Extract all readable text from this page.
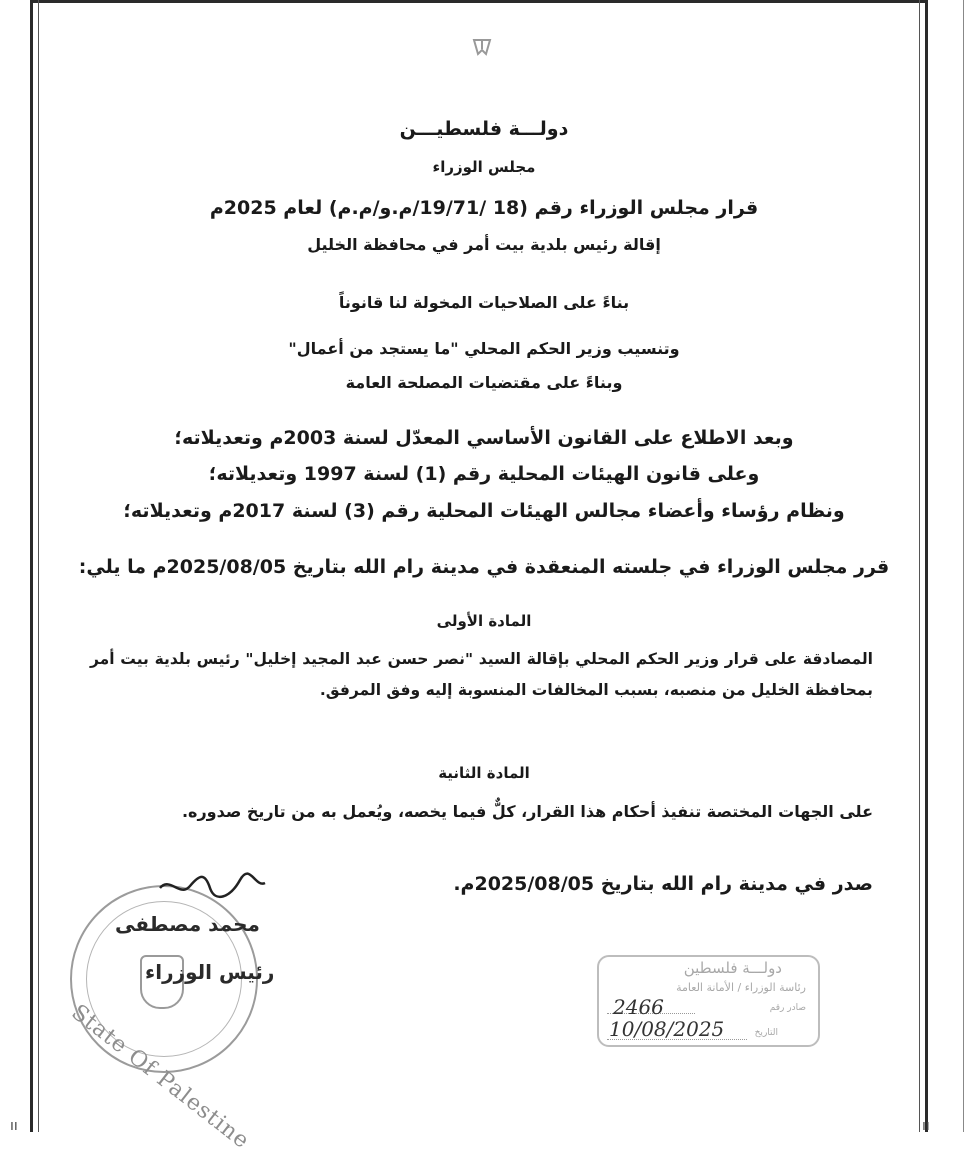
ıı	ıı
دولـــة فلسطيـــن
مجلس الوزراء
قرار مجلس الوزراء رقم (18 /19/71/م.و/م.م) لعام 2025م
إقالة رئيس بلدية بيت أمر في محافظة الخليل
بناءً على الصلاحيات المخولة لنا قانوناً
وتنسيب وزير الحكم المحلي "ما يستجد من أعمال"
وبناءً على مقتضيات المصلحة العامة
وبعد الاطلاع على القانون الأساسي المعدّل لسنة 2003م وتعديلاته؛
وعلى قانون الهيئات المحلية رقم (1) لسنة 1997 وتعديلاته؛
ونظام رؤساء وأعضاء مجالس الهيئات المحلية رقم (3) لسنة 2017م وتعديلاته؛
قرر مجلس الوزراء في جلسته المنعقدة في مدينة رام الله بتاريخ 2025/08/05م ما يلي:
المادة الأولى
المصادقة على قرار وزير الحكم المحلي بإقالة السيد "نصر حسن عبد المجيد إخليل" رئيس بلدية بيت أمر بمحافظة الخليل من منصبه، بسبب المخالفات المنسوبة إليه وفق المرفق.
المادة الثانية
على الجهات المختصة تنفيذ أحكام هذا القرار، كلٌّ فيما يخصه، ويُعمل به من تاريخ صدوره.
صدر في مدينة رام الله بتاريخ 2025/08/05م.
State Of Palestine
محمد مصطفى
رئيس الوزراء	دولـــة فلسطين
رئاسة الوزراء / الأمانة العامة
صادر رقم
التاريخ
2466
10/08/2025
